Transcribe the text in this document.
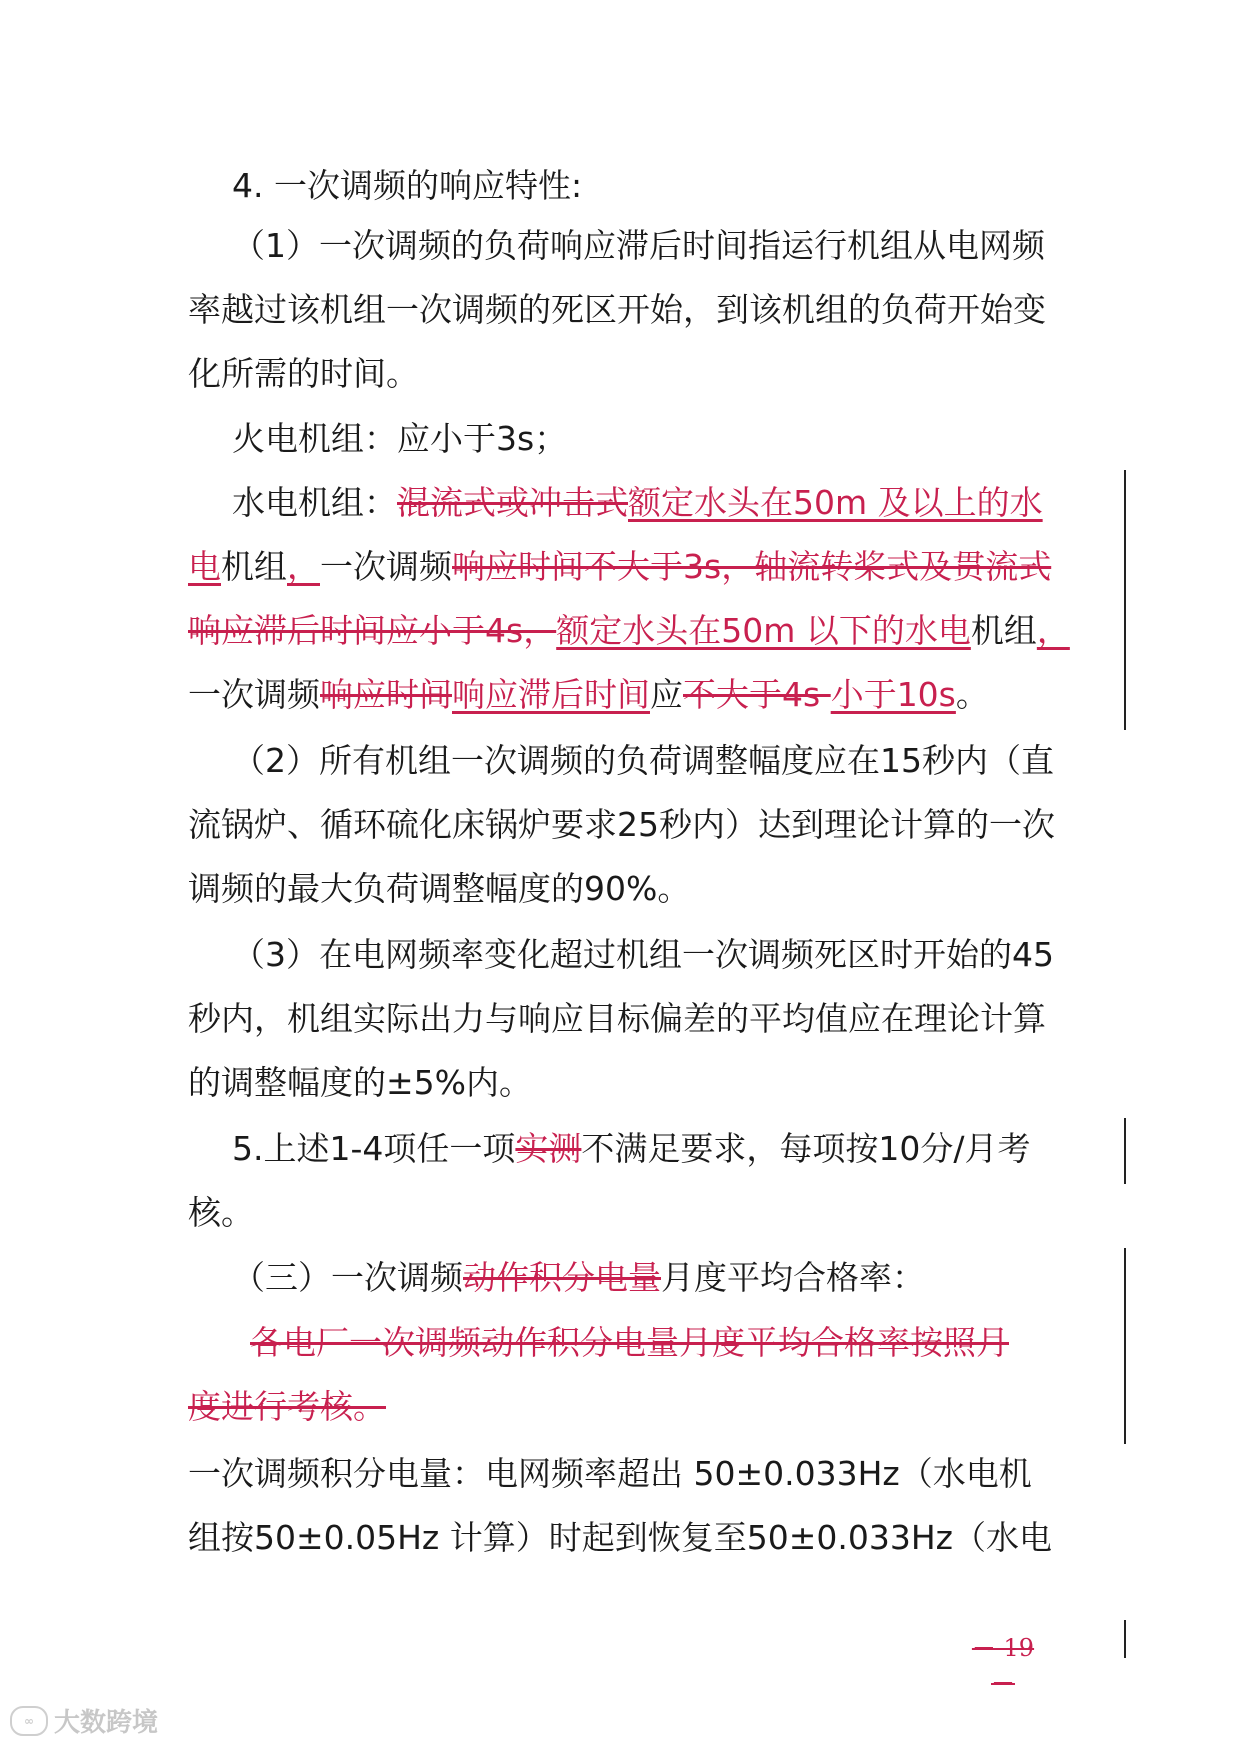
4. 一次调频的响应特性:
（1）一次调频的负荷响应滞后时间指运行机组从电网频
率越过该机组一次调频的死区开始，到该机组的负荷开始变
化所需的时间。
火电机组：应小于3s；
水电机组： 混流式或冲击式 额定水头在50m 及以上的水
电 机组 ， 一次调频 响应时间不大于3s，轴流转桨式及贯流式
响应滞后时间应小于4s， 额定水头在50m 以下的水电 机组 ，
一次调频 响应时间 响应滞后时间 应 不大于4s 小于10s 。
（2）所有机组一次调频的负荷调整幅度应在15秒内（直
流锅炉、循环硫化床锅炉要求25秒内）达到理论计算的一次
调频的最大负荷调整幅度的90%。
（3）在电网频率变化超过机组一次调频死区时开始的45
秒内，机组实际出力与响应目标偏差的平均值应在理论计算
的调整幅度的±5%内。
5.上述1-4项任一项 实测 不满足要求，每项按10分/月考
核。
（三）一次调频 动作积分电量 月度平均合格率：
各电厂一次调频动作积分电量月度平均合格率按照月
度进行考核。
一次调频积分电量：电网频率超出 50±0.033Hz（水电机
组按50±0.05Hz 计算）时起到恢复至50±0.033Hz（水电
－ 19 －
∞ 大数跨境
